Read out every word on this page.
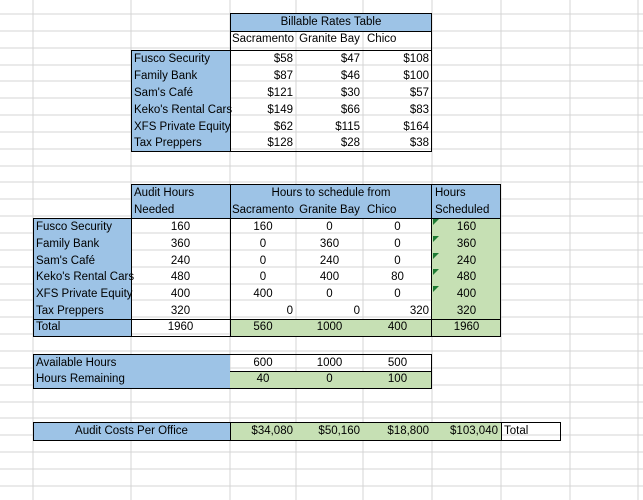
Billable Rates Table
Sacramento Granite Bay Chico
Fusco Security	$58	$47	$108
Family Bank	$87	$46	$100
Sam's Café	$121	$30	$57
Keko's Rental Cars	$149	$66	$83
XFS Private Equity	$62	$115	$164
Tax Preppers	$128	$28	$38
Audit Hours
Needed
Hours to schedule from
Sacramento Granite Bay Chico
Hours
Scheduled
Fusco Security	160	160	0	0	160
Family Bank	360	0	360	0	360
Sam's Café	240	0	240	0	240
Keko's Rental Cars	480	0	400	80	480
XFS Private Equity	400	400	0	0	400
Tax Preppers	320	0	0	320	320
Total	1960	560	1000	400	1960
Available Hours	600	1000	500
Hours Remaining	40	0	100
Audit Costs Per Office	$34,080	$50,160	$18,800	$103,040 Total
